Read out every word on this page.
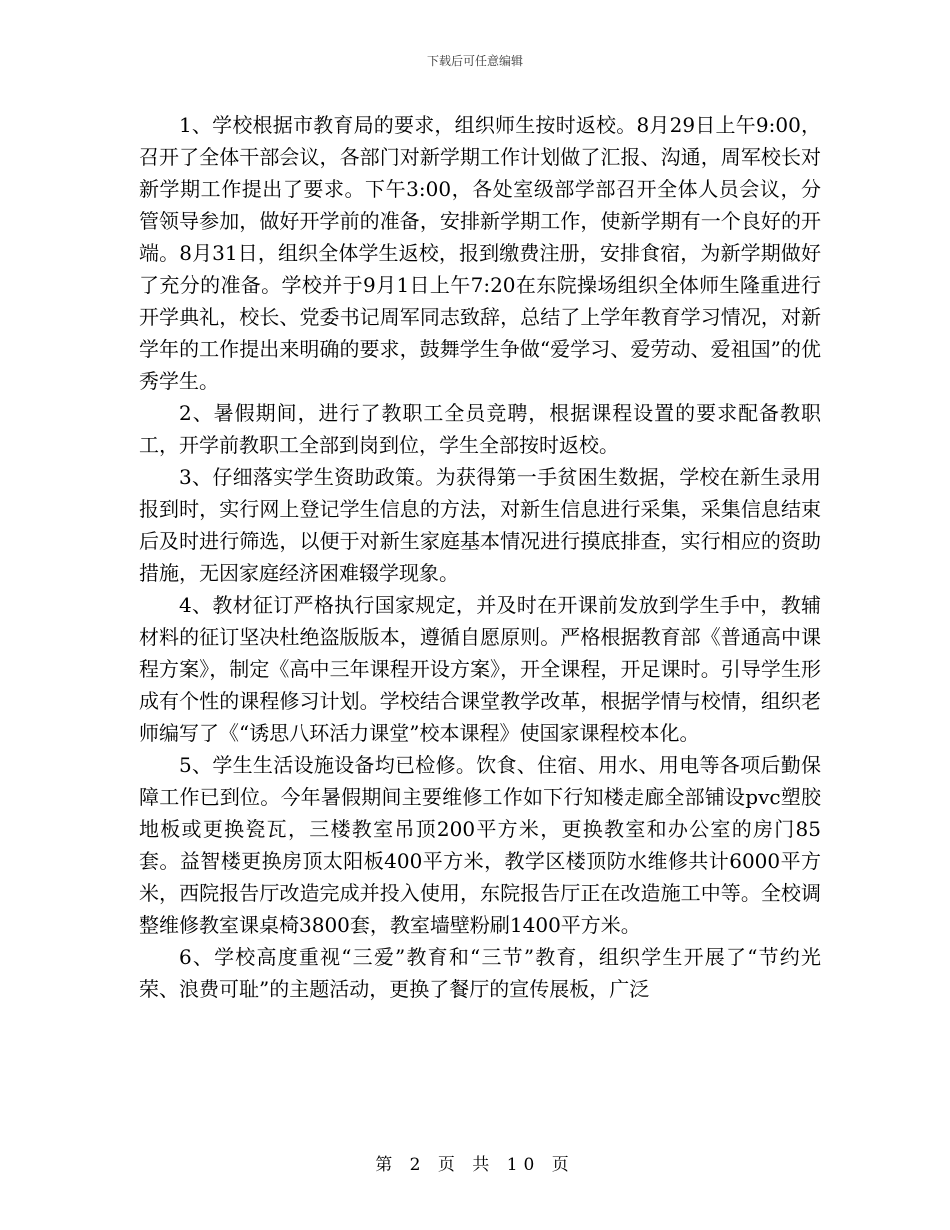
下载后可任意编辑

1、学校根据市教育局的要求，组织师生按时返校。8月29日上午9:00，召开了全体干部会议，各部门对新学期工作计划做了汇报、沟通，周军校长对新学期工作提出了要求。下午3:00，各处室级部学部召开全体人员会议，分管领导参加，做好开学前的准备，安排新学期工作，使新学期有一个良好的开端。8月31日，组织全体学生返校，报到缴费注册，安排食宿，为新学期做好了充分的准备。学校并于9月1日上午7:20在东院操场组织全体师生隆重进行开学典礼，校长、党委书记周军同志致辞，总结了上学年教育学习情况，对新学年的工作提出来明确的要求，鼓舞学生争做“爱学习、爱劳动、爱祖国”的优秀学生。

2、暑假期间，进行了教职工全员竞聘，根据课程设置的要求配备教职工，开学前教职工全部到岗到位，学生全部按时返校。

3、仔细落实学生资助政策。为获得第一手贫困生数据，学校在新生录用报到时，实行网上登记学生信息的方法，对新生信息进行采集，采集信息结束后及时进行筛选，以便于对新生家庭基本情况进行摸底排查，实行相应的资助措施，无因家庭经济困难辍学现象。

4、教材征订严格执行国家规定，并及时在开课前发放到学生手中，教辅材料的征订坚决杜绝盗版版本，遵循自愿原则。严格根据教育部《普通高中课程方案》，制定《高中三年课程开设方案》，开全课程，开足课时。引导学生形成有个性的课程修习计划。学校结合课堂教学改革，根据学情与校情，组织老师编写了《“诱思八环活力课堂”校本课程》使国家课程校本化。

5、学生生活设施设备均已检修。饮食、住宿、用水、用电等各项后勤保障工作已到位。今年暑假期间主要维修工作如下行知楼走廊全部铺设pvc塑胶地板或更换瓷瓦，三楼教室吊顶200平方米，更换教室和办公室的房门85套。益智楼更换房顶太阳板400平方米，教学区楼顶防水维修共计6000平方米，西院报告厅改造完成并投入使用，东院报告厅正在改造施工中等。全校调整维修教室课桌椅3800套，教室墙壁粉刷1400平方米。

6、学校高度重视“三爱”教育和“三节”教育，组织学生开展了“节约光荣、浪费可耻”的主题活动，更换了餐厅的宣传展板，广泛

第 2 页 共 10 页
